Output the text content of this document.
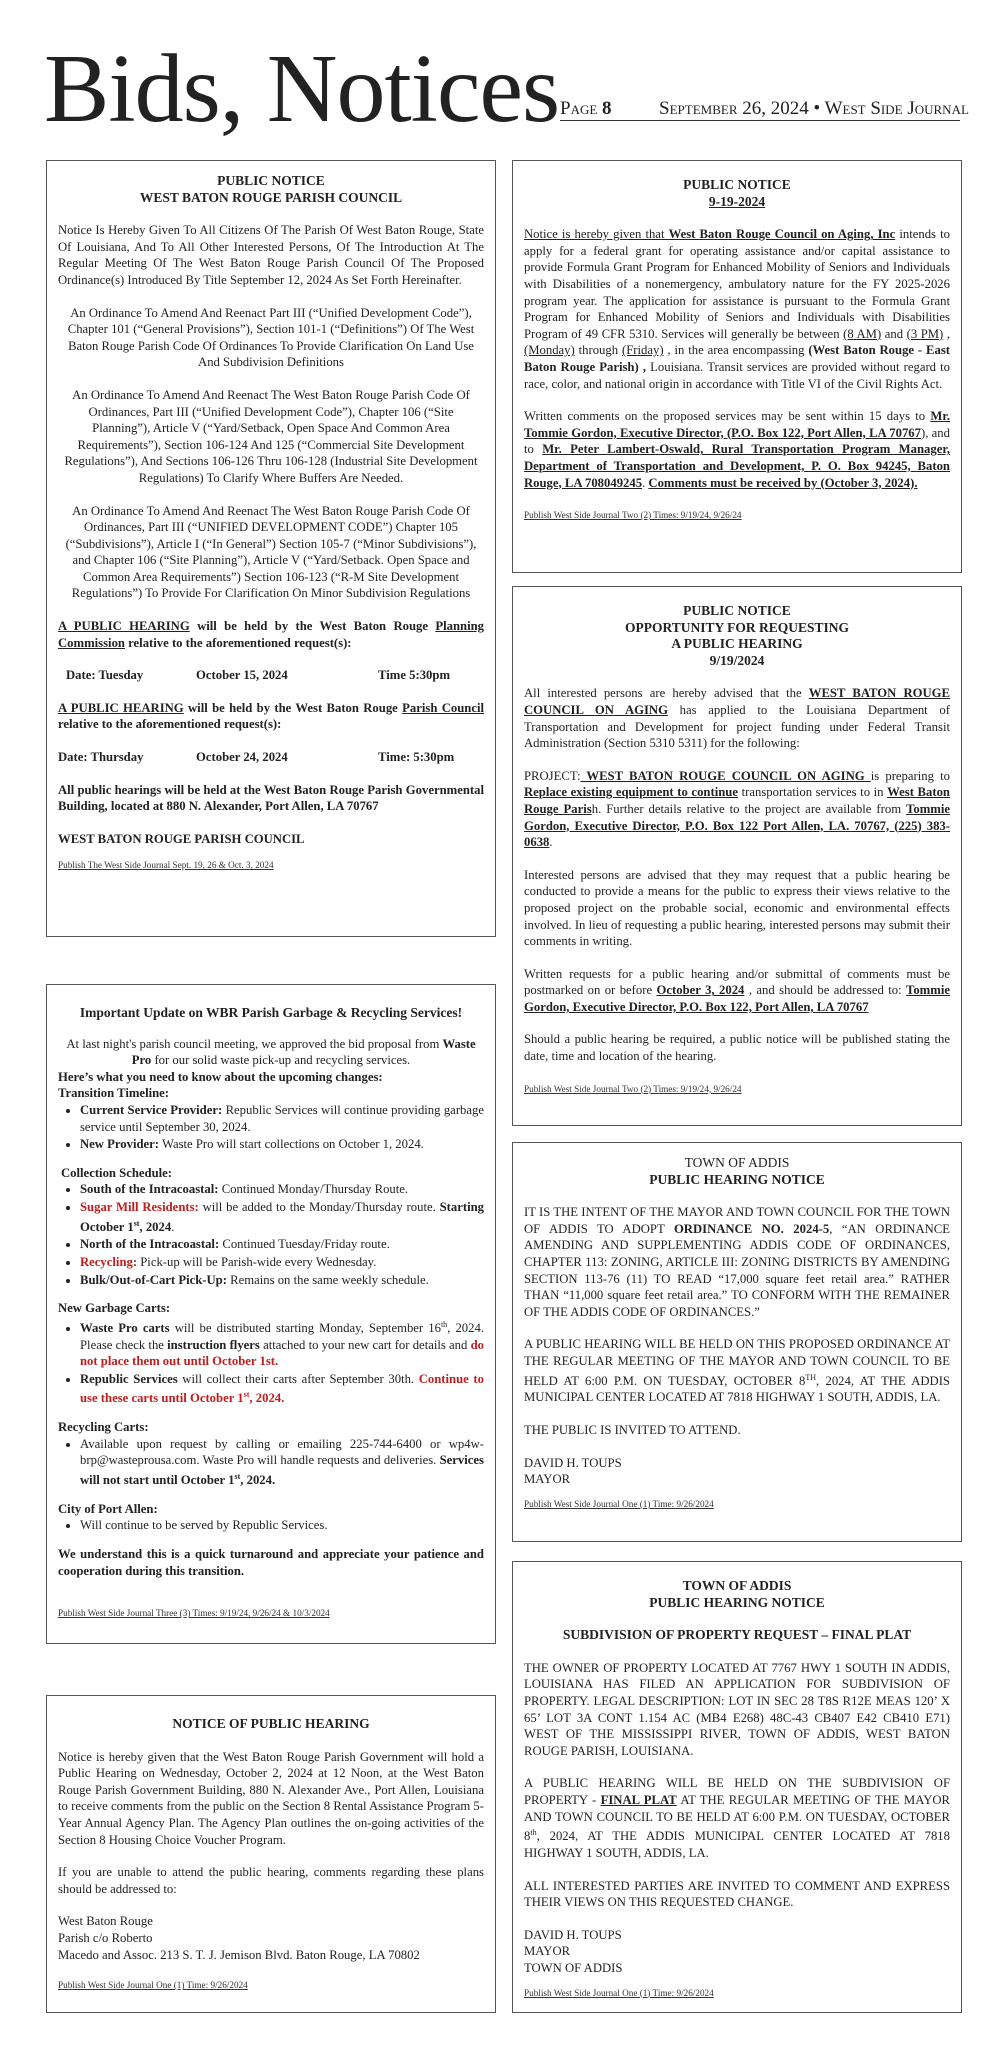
Bids, Notices Page 8	September 26, 2024 • West Side Journal
PUBLIC NOTICE
WEST BATON ROUGE PARISH COUNCIL
Notice Is Hereby Given To All Citizens Of The Parish Of West Baton Rouge, State Of Louisiana, And To All Other Interested Persons, Of The Introduction At The Regular Meeting Of The West Baton Rouge Parish Council Of The Proposed Ordinance(s) Introduced By Title September 12, 2024 As Set Forth Hereinafter.
An Ordinance To Amend And Reenact Part III (“Unified Development Code”), Chapter 101 (“General Provisions”), Section 101-1 (“Definitions”) Of The West Baton Rouge Parish Code Of Ordinances To Provide Clarification On Land Use And Subdivision Definitions
An Ordinance To Amend And Reenact The West Baton Rouge Parish Code Of Ordinances, Part III (“Unified Development Code”), Chapter 106 (“Site Planning”), Article V (“Yard/Setback, Open Space And Common Area Requirements”), Section 106-124 And 125 (“Commercial Site Development Regulations”), And Sections 106-126 Thru 106-128 (Industrial Site Development Regulations) To Clarify Where Buffers Are Needed.
An Ordinance To Amend And Reenact The West Baton Rouge Parish Code Of Ordinances, Part III (“UNIFIED DEVELOPMENT CODE”) Chapter 105 (“Subdivisions”), Article I (“In General”) Section 105-7 (“Minor Subdivisions”), and Chapter 106 (“Site Planning”), Article V (“Yard/Setback. Open Space and Common Area Requirements”) Section 106-123 (“R-M Site Development Regulations”) To Provide For Clarification On Minor Subdivision Regulations
A PUBLIC HEARING will be held by the West Baton Rouge Planning Commission relative to the aforementioned request(s):
Date: Tuesday	October 15, 2024	Time 5:30pm
A PUBLIC HEARING will be held by the West Baton Rouge Parish Council relative to the aforementioned request(s):
Date: Thursday	October 24, 2024	Time: 5:30pm
All public hearings will be held at the West Baton Rouge Parish Governmental Building, located at 880 N. Alexander, Port Allen, LA 70767
WEST BATON ROUGE PARISH COUNCIL
Publish The West Side Journal Sept. 19, 26 & Oct. 3, 2024
PUBLIC NOTICE
9-19-2024
Notice is hereby given that West Baton Rouge Council on Aging, Inc intends to apply for a federal grant for operating assistance and/or capital assistance to provide Formula Grant Program for Enhanced Mobility of Seniors and Individuals with Disabilities of a nonemergency, ambulatory nature for the FY 2025-2026 program year. The application for assistance is pursuant to the Formula Grant Program for Enhanced Mobility of Seniors and Individuals with Disabilities Program of 49 CFR 5310. Services will generally be between (8 AM) and (3 PM) , (Monday) through (Friday) , in the area encompassing (West Baton Rouge - East Baton Rouge Parish) , Louisiana. Transit services are provided without regard to race, color, and national origin in accordance with Title VI of the Civil Rights Act.
Written comments on the proposed services may be sent within 15 days to Mr. Tommie Gordon, Executive Director, (P.O. Box 122, Port Allen, LA 70767), and to Mr. Peter Lambert-Oswald, Rural Transportation Program Manager, Department of Transportation and Development, P. O. Box 94245, Baton Rouge, LA 708049245. Comments must be received by (October 3, 2024).
Publish West Side Journal Two (2) Times: 9/19/24, 9/26/24
PUBLIC NOTICE
OPPORTUNITY FOR REQUESTING
A PUBLIC HEARING
9/19/2024
All interested persons are hereby advised that the WEST BATON ROUGE COUNCIL ON AGING has applied to the Louisiana Department of Transportation and Development for project funding under Federal Transit Administration (Section 5310 5311) for the following:
PROJECT: WEST BATON ROUGE COUNCIL ON AGING is preparing to Replace existing equipment to continue transportation services to in West Baton Rouge Parish. Further details relative to the project are available from Tommie Gordon, Executive Director, P.O. Box 122 Port Allen, LA. 70767, (225) 383-0638.
Interested persons are advised that they may request that a public hearing be conducted to provide a means for the public to express their views relative to the proposed project on the probable social, economic and environmental effects involved. In lieu of requesting a public hearing, interested persons may submit their comments in writing.
Written requests for a public hearing and/or submittal of comments must be postmarked on or before October 3, 2024 , and should be addressed to: Tommie Gordon, Executive Director, P.O. Box 122, Port Allen, LA 70767
Should a public hearing be required, a public notice will be published stating the date, time and location of the hearing.
Publish West Side Journal Two (2) Times: 9/19/24, 9/26/24
Important Update on WBR Parish Garbage & Recycling Services!
At last night's parish council meeting, we approved the bid proposal from Waste Pro for our solid waste pick-up and recycling services.
Here’s what you need to know about the upcoming changes:
Transition Timeline:
• Current Service Provider: Republic Services will continue providing garbage service until September 30, 2024.
• New Provider: Waste Pro will start collections on October 1, 2024.
Collection Schedule:
• South of the Intracoastal: Continued Monday/Thursday Route.
• Sugar Mill Residents: will be added to the Monday/Thursday route. Starting October 1st, 2024.
• North of the Intracoastal: Continued Tuesday/Friday route.
• Recycling: Pick-up will be Parish-wide every Wednesday.
• Bulk/Out-of-Cart Pick-Up: Remains on the same weekly schedule.
New Garbage Carts:
• Waste Pro carts will be distributed starting Monday, September 16th, 2024. Please check the instruction flyers attached to your new cart for details and do not place them out until October 1st.
• Republic Services will collect their carts after September 30th. Continue to use these carts until October 1st, 2024.
Recycling Carts:
• Available upon request by calling or emailing 225-744-6400 or wp4w-brp@wasteprousa.com. Waste Pro will handle requests and deliveries. Services will not start until October 1st, 2024.
City of Port Allen:
• Will continue to be served by Republic Services.
We understand this is a quick turnaround and appreciate your patience and cooperation during this transition.
Publish West Side Journal Three (3) Times: 9/19/24, 9/26/24 & 10/3/2024
TOWN OF ADDIS
PUBLIC HEARING NOTICE
IT IS THE INTENT OF THE MAYOR AND TOWN COUNCIL FOR THE TOWN OF ADDIS TO ADOPT ORDINANCE NO. 2024-5, “AN ORDINANCE AMENDING AND SUPPLEMENTING ADDIS CODE OF ORDINANCES, CHAPTER 113: ZONING, ARTICLE III: ZONING DISTRICTS BY AMENDING SECTION 113-76 (11) TO READ “17,000 square feet retail area.” RATHER THAN “11,000 square feet retail area.” TO CONFORM WITH THE REMAINER OF THE ADDIS CODE OF ORDINANCES.”
A PUBLIC HEARING WILL BE HELD ON THIS PROPOSED ORDINANCE AT THE REGULAR MEETING OF THE MAYOR AND TOWN COUNCIL TO BE HELD AT 6:00 P.M. ON TUESDAY, OCTOBER 8TH, 2024, AT THE ADDIS MUNICIPAL CENTER LOCATED AT 7818 HIGHWAY 1 SOUTH, ADDIS, LA.
THE PUBLIC IS INVITED TO ATTEND.
DAVID H. TOUPS
MAYOR
Publish West Side Journal One (1) Time: 9/26/2024
NOTICE OF PUBLIC HEARING
Notice is hereby given that the West Baton Rouge Parish Government will hold a Public Hearing on Wednesday, October 2, 2024 at 12 Noon, at the West Baton Rouge Parish Government Building, 880 N. Alexander Ave., Port Allen, Louisiana to receive comments from the public on the Section 8 Rental Assistance Program 5-Year Annual Agency Plan. The Agency Plan outlines the on-going activities of the Section 8 Housing Choice Voucher Program.
If you are unable to attend the public hearing, comments regarding these plans should be addressed to:
West Baton Rouge
Parish c/o Roberto
Macedo and Assoc. 213 S. T. J. Jemison Blvd. Baton Rouge, LA 70802
Publish West Side Journal One (1) Time: 9/26/2024
TOWN OF ADDIS
PUBLIC HEARING NOTICE
SUBDIVISION OF PROPERTY REQUEST – FINAL PLAT
THE OWNER OF PROPERTY LOCATED AT 7767 HWY 1 SOUTH IN ADDIS, LOUISIANA HAS FILED AN APPLICATION FOR SUBDIVISION OF PROPERTY. LEGAL DESCRIPTION: LOT IN SEC 28 T8S R12E MEAS 120’ X 65’ LOT 3A CONT 1.154 AC (MB4 E268) 48C-43 CB407 E42 CB410 E71) WEST OF THE MISSISSIPPI RIVER, TOWN OF ADDIS, WEST BATON ROUGE PARISH, LOUISIANA.
A PUBLIC HEARING WILL BE HELD ON THE SUBDIVISION OF PROPERTY - FINAL PLAT AT THE REGULAR MEETING OF THE MAYOR AND TOWN COUNCIL TO BE HELD AT 6:00 P.M. ON TUESDAY, OCTOBER 8th, 2024, AT THE ADDIS MUNICIPAL CENTER LOCATED AT 7818 HIGHWAY 1 SOUTH, ADDIS, LA.
ALL INTERESTED PARTIES ARE INVITED TO COMMENT AND EXPRESS THEIR VIEWS ON THIS REQUESTED CHANGE.
DAVID H. TOUPS
MAYOR
TOWN OF ADDIS
Publish West Side Journal One (1) Time: 9/26/2024
